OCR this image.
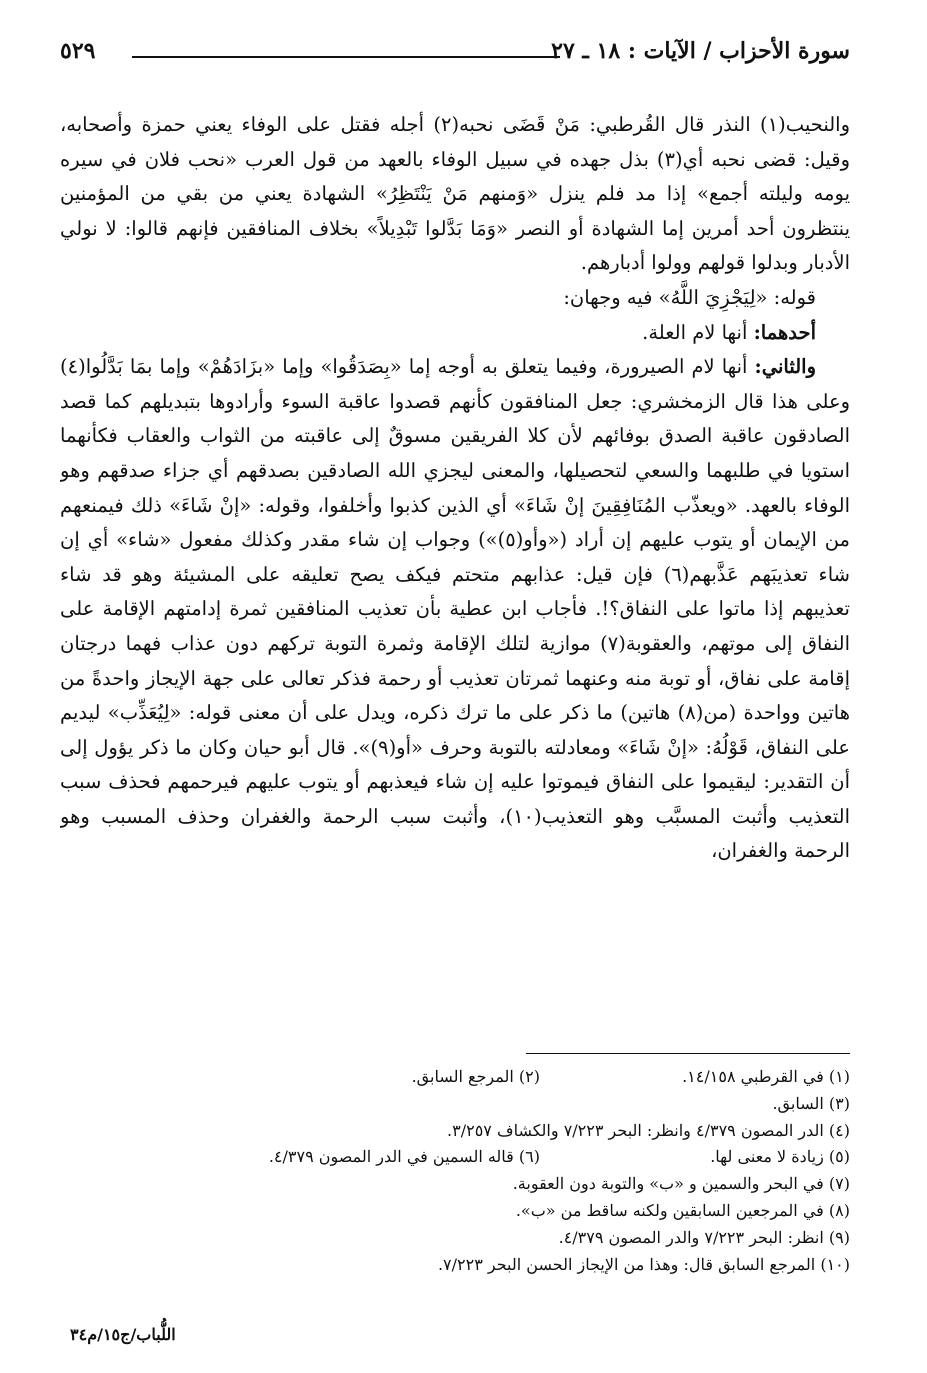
سورة الأحزاب / الآيات : ١٨ ـ ٢٧
٥٢٩

والنحيب(١) النذر قال القُرطبي: مَنْ قَضَى نحبه(٢) أجله فقتل على الوفاء يعني حمزة وأصحابه، وقيل: قضى نحبه أي(٣) بذل جهده في سبيل الوفاء بالعهد من قول العرب «نحب فلان في سيره يومه وليلته أجمع» إذا مد فلم ينزل «وَمنهم مَنْ يَنْتَظِرُ» الشهادة يعني من بقي من المؤمنين ينتظرون أحد أمرين إما الشهادة أو النصر «وَمَا بَدَّلوا تَبْدِيلاً» بخلاف المنافقين فإنهم قالوا: لا نولي الأدبار وبدلوا قولهم وولوا أدبارهم.

قوله: «لِيَجْزِيَ اللَّهُ» فيه وجهان:

أحدهما: أنها لام العلة.

والثاني: أنها لام الصيرورة، وفيما يتعلق به أوجه إما «بِصَدَقُوا» وإما «بزَادَهُمْ» وإما بمَا بَدَّلُوا(٤) وعلى هذا قال الزمخشري: جعل المنافقون كأنهم قصدوا عاقبة السوء وأرادوها بتبديلهم كما قصد الصادقون عاقبة الصدق بوفائهم لأن كلا الفريقين مسوقٌ إلى عاقبته من الثواب والعقاب فكأنهما استويا في طلبهما والسعي لتحصيلها، والمعنى ليجزي الله الصادقين بصدقهم أي جزاء صدقهم وهو الوفاء بالعهد. «ويعذّب المُنَافِقِينَ إنْ شَاءَ» أي الذين كذبوا وأخلفوا، وقوله: «إنْ شَاءَ» ذلك فيمنعهم من الإيمان أو يتوب عليهم إن أراد («وأو(٥)») وجواب إن شاء مقدر وكذلك مفعول «شاء» أي إن شاء تعذيبَهم عَذَّبهم(٦) فإن قيل: عذابهم متحتم فيكف يصح تعليقه على المشيئة وهو قد شاء تعذيبهم إذا ماتوا على النفاق؟!. فأجاب ابن عطية بأن تعذيب المنافقين ثمرة إدامتهم الإقامة على النفاق إلى موتهم، والعقوبة(٧) موازية لتلك الإقامة وثمرة التوبة تركهم دون عذاب فهما درجتان إقامة على نفاق، أو توبة منه وعنهما ثمرتان تعذيب أو رحمة فذكر تعالى على جهة الإيجاز واحدةً من هاتين وواحدة (من(٨) هاتين) ما ذكر على ما ترك ذكره، ويدل على أن معنى قوله: «لِيُعَذِّب» ليديم على النفاق، قَوْلُهُ: «إنْ شَاءَ» ومعادلته بالتوبة وحرف «أو(٩)». قال أبو حيان وكان ما ذكر يؤول إلى أن التقدير: ليقيموا على النفاق فيموتوا عليه إن شاء فيعذبهم أو يتوب عليهم فيرحمهم فحذف سبب التعذيب وأثبت المسبَّب وهو التعذيب(١٠)، وأثبت سبب الرحمة والغفران وحذف المسبب وهو الرحمة والغفران،

(١) في القرطبي ١٤/١٥٨.
(٢) المرجع السابق.
(٣) السابق.
(٤) الدر المصون ٤/٣٧٩ وانظر: البحر ٧/٢٢٣ والكشاف ٣/٢٥٧.
(٥) زيادة لا معنى لها.
(٦) قاله السمين في الدر المصون ٤/٣٧٩.
(٧) في البحر والسمين و «ب» والتوبة دون العقوبة.
(٨) في المرجعين السابقين ولكنه ساقط من «ب».
(٩) انظر: البحر ٧/٢٢٣ والدر المصون ٤/٣٧٩.
(١٠) المرجع السابق قال: وهذا من الإيجاز الحسن البحر ٧/٢٢٣.
اللُّباب/ج١٥/م٣٤
